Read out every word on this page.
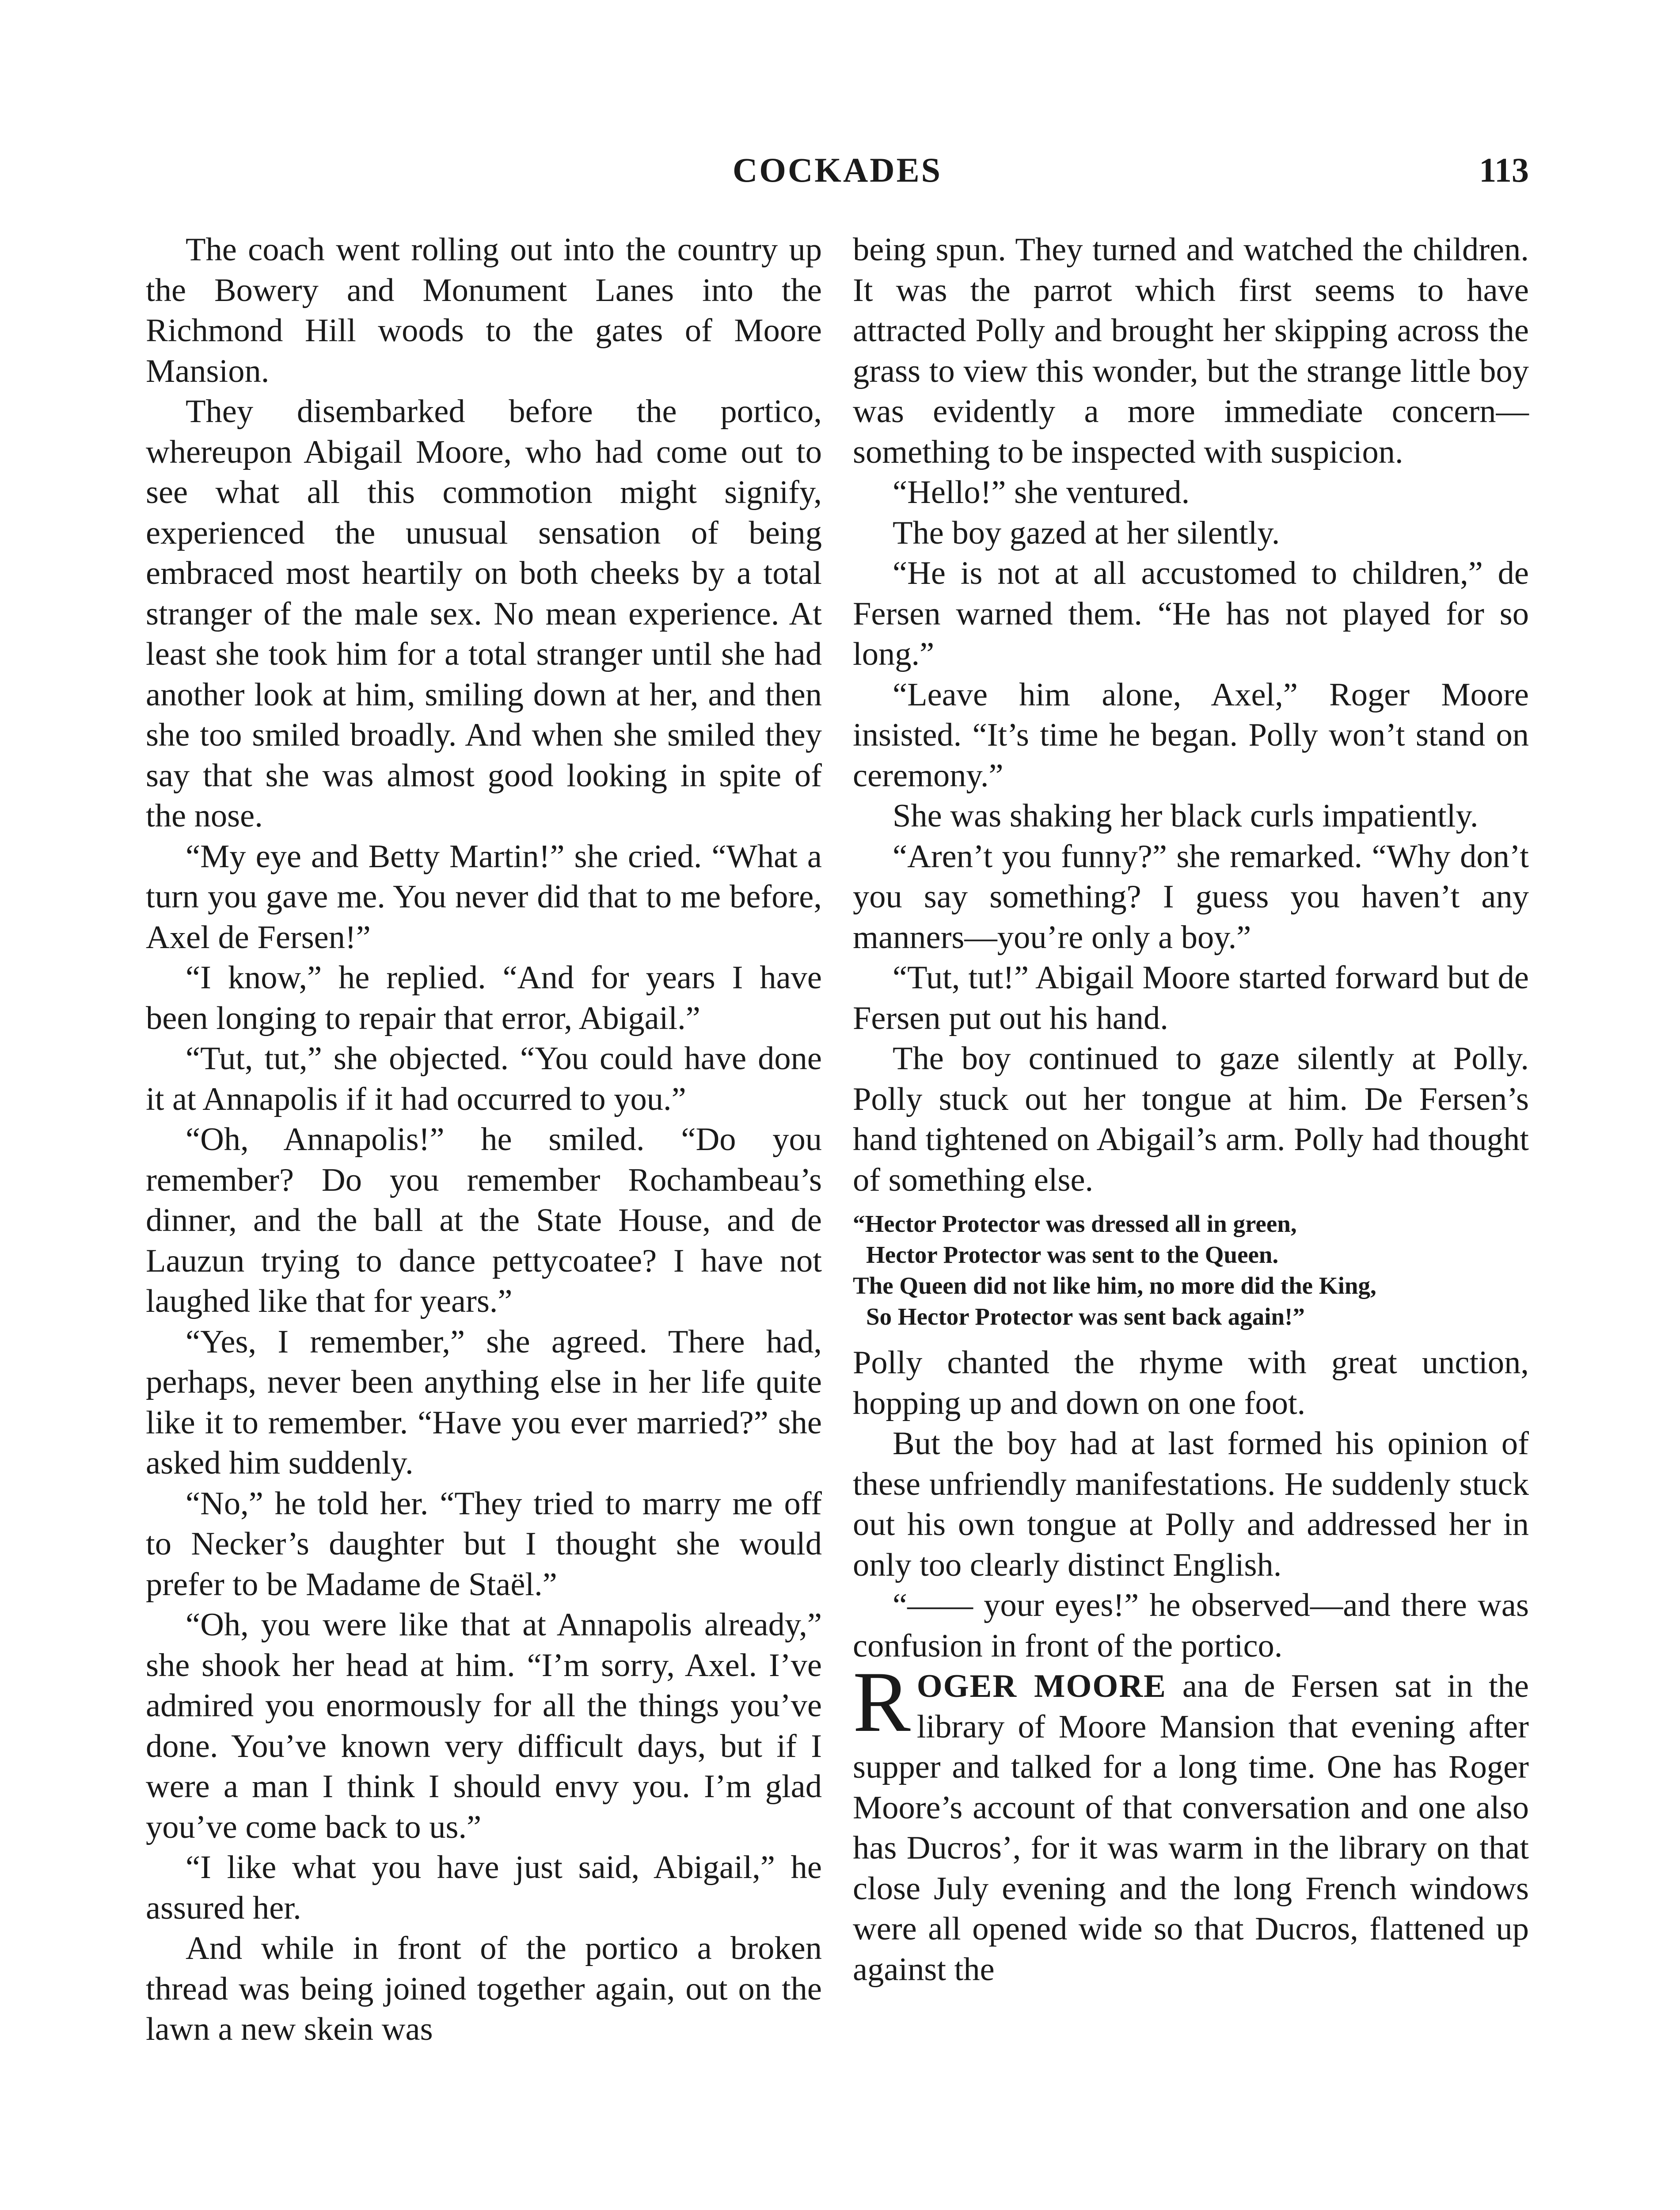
COCKADES	113

The coach went rolling out into the country up the Bowery and Monument Lanes into the Richmond Hill woods to the gates of Moore Mansion.

They disembarked before the portico, whereupon Abigail Moore, who had come out to see what all this commotion might signify, experienced the unusual sensation of being embraced most heartily on both cheeks by a total stranger of the male sex. No mean experience. At least she took him for a total stranger until she had another look at him, smiling down at her, and then she too smiled broadly. And when she smiled they say that she was almost good looking in spite of the nose.

“My eye and Betty Martin!” she cried. “What a turn you gave me. You never did that to me before, Axel de Fersen!”

“I know,” he replied. “And for years I have been longing to repair that error, Abigail.”

“Tut, tut,” she objected. “You could have done it at Annapolis if it had occurred to you.”

“Oh, Annapolis!” he smiled. “Do you remember? Do you remember Rochambeau’s dinner, and the ball at the State House, and de Lauzun trying to dance pettycoatee? I have not laughed like that for years.”

“Yes, I remember,” she agreed. There had, perhaps, never been anything else in her life quite like it to remember. “Have you ever married?” she asked him suddenly.

“No,” he told her. “They tried to marry me off to Necker’s daughter but I thought she would prefer to be Madame de Staël.”

“Oh, you were like that at Annapolis already,” she shook her head at him. “I’m sorry, Axel. I’ve admired you enormously for all the things you’ve done. You’ve known very difficult days, but if I were a man I think I should envy you. I’m glad you’ve come back to us.”

“I like what you have just said, Abigail,” he assured her.

And while in front of the portico a broken thread was being joined together again, out on the lawn a new skein was

being spun. They turned and watched the children. It was the parrot which first seems to have attracted Polly and brought her skipping across the grass to view this wonder, but the strange little boy was evidently a more immediate concern—something to be inspected with suspicion.

“Hello!” she ventured.

The boy gazed at her silently.

“He is not at all accustomed to children,” de Fersen warned them. “He has not played for so long.”

“Leave him alone, Axel,” Roger Moore insisted. “It’s time he began. Polly won’t stand on ceremony.”

She was shaking her black curls impatiently.

“Aren’t you funny?” she remarked. “Why don’t you say something? I guess you haven’t any manners—you’re only a boy.”

“Tut, tut!” Abigail Moore started forward but de Fersen put out his hand.

The boy continued to gaze silently at Polly. Polly stuck out her tongue at him. De Fersen’s hand tightened on Abigail’s arm. Polly had thought of something else.

“Hector Protector was dressed all in green,
Hector Protector was sent to the Queen.
The Queen did not like him, no more did the King,
So Hector Protector was sent back again!”

Polly chanted the rhyme with great unction, hopping up and down on one foot.

But the boy had at last formed his opinion of these unfriendly manifestations. He suddenly stuck out his own tongue at Polly and addressed her in only too clearly distinct English.

“—— your eyes!” he observed—and there was confusion in front of the portico.

ROGER MOORE ana de Fersen sat in the library of Moore Mansion that evening after supper and talked for a long time. One has Roger Moore’s account of that conversation and one also has Ducros’, for it was warm in the library on that close July evening and the long French windows were all opened wide so that Ducros, flattened up against the
